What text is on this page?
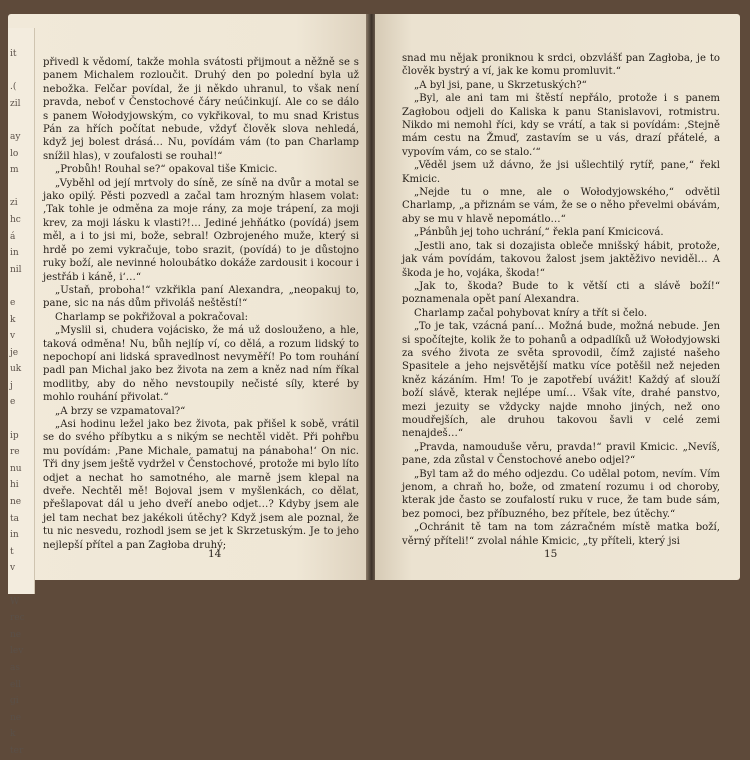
it

.(
zil

ay
lo
m

zi
hc
á
in
nil

e
k
v
je
uk
j
e

ip
re
nu
hi
ne
ta
in
t
v

W
rec
ne
lev
as
ell
gi
ne
k
ter

přivedl k vědomí, takže mohla svátosti přijmout a něžně se s panem Michalem rozloučit. Druhý den po polední byla už nebožka. Felčar povídal, že ji někdo uhranul, to však není pravda, neboť v Čenstochové čáry neúčinkují. Ale co se dálo s panem Wołodyjowským, co vykřikoval, to mu snad Kristus Pán za hřích počítat nebude, vždyť člověk slova nehledá, když jej bolest drásá… Nu, povídám vám (to pan Charlamp snížil hlas), v zoufalosti se rouhal!“

„Probůh! Rouhal se?“ opakoval tiše Kmicic.

„Vyběhl od její mrtvoly do síně, ze síně na dvůr a motal se jako opilý. Pěsti pozvedl a začal tam hrozným hlasem volat: ‚Tak tohle je odměna za moje rány, za moje trápení, za moji krev, za moji lásku k vlasti?!… Jediné jehňátko (povídá) jsem měl, a i to jsi mi, bože, sebral! Ozbrojeného muže, který si hrdě po zemi vykračuje, tobo srazit, (povídá) to je důstojno ruky boží, ale nevinné holoubátko dokáže zardousit i kocour i jestřáb i káně, i‘…“

„Ustaň, proboha!“ vzkřikla paní Alexandra, „neopakuj to, pane, sic na nás dům přivoláš neštěstí!“

Charlamp se pokřižoval a pokračoval:

„Myslil si, chudera vojácisko, že má už doslouženo, a hle, taková odměna! Nu, bůh nejlíp ví, co dělá, a rozum lidský to nepochopí ani lidská spravedlnost nevyměří! Po tom rouhání padl pan Michal jako bez života na zem a kněz nad ním říkal modlitby, aby do něho nevstoupily nečisté síly, které by mohlo rouhání přivolat.“

„A brzy se vzpamatoval?“

„Asi hodinu ležel jako bez života, pak přišel k sobě, vrátil se do svého příbytku a s nikým se nechtěl vidět. Při pohřbu mu povídám: ‚Pane Michale, pamatuj na pánaboha!‘ On nic. Tři dny jsem ještě vydržel v Čenstochové, protože mi bylo líto odjet a nechat ho samotného, ale marně jsem klepal na dveře. Nechtěl mě! Bojoval jsem v myšlenkách, co dělat, přešlapovat dál u jeho dveří anebo odjet…? Kdyby jsem ale jel tam nechat bez jakékoli útěchy? Když jsem ale poznal, že tu nic nesvedu, rozhodl jsem se jet k Skrzetuským. Je to jeho nejlepší přítel a pan Zagłoba druhý;

14

snad mu nějak proniknou k srdci, obzvlášť pan Zagłoba, je to člověk bystrý a ví, jak ke komu promluvit.“

„A byl jsi, pane, u Skrzetuských?“

„Byl, ale ani tam mi štěstí nepřálo, protože i s panem Zagłobou odjeli do Kaliska k panu Stanislavovi, rotmistru. Nikdo mi nemohl říci, kdy se vrátí, a tak si povídám: ‚Stejně mám cestu na Žmuď, zastavím se u vás, drazí přátelé, a vypovím vám, co se stalo.‘“

„Věděl jsem už dávno, že jsi ušlechtilý rytíř, pane,“ řekl Kmicic.

„Nejde tu o mne, ale o Wołodyjowského,“ odvětil Charlamp, „a přiznám se vám, že se o něho převelmi obávám, aby se mu v hlavě nepomátlo…“

„Pánbůh jej toho uchrání,“ řekla paní Kmicicová.

„Jestli ano, tak si dozajista obleče mnišský hábit, protože, jak vám povídám, takovou žalost jsem jaktěživo neviděl… A škoda je ho, vojáka, škoda!“

„Jak to, škoda? Bude to k větší cti a slávě boží!“ poznamenala opět paní Alexandra.

Charlamp začal pohybovat kníry a třít si čelo.

„To je tak, vzácná paní… Možná bude, možná nebude. Jen si spočítejte, kolik že to pohanů a odpadlíků už Wołodyjowski za svého života ze světa sprovodil, čímž zajisté našeho Spasitele a jeho nejsvětější matku více potěšil než nejeden kněz kázáním. Hm! To je zapotřebí uvážit! Každý ať slouží boží slávě, kterak nejlépe umí… Však víte, drahé panstvo, mezi jezuity se vždycky najde mnoho jiných, než ono moudřejších, ale druhou takovou šavli v celé zemi nenajdeš…“

„Pravda, namouduše věru, pravda!“ pravil Kmicic. „Nevíš, pane, zda zůstal v Čenstochové anebo odjel?“

„Byl tam až do mého odjezdu. Co udělal potom, nevím. Vím jenom, a chraň ho, bože, od zmatení rozumu i od choroby, kterak jde často se zoufalostí ruku v ruce, že tam bude sám, bez pomoci, bez příbuzného, bez přítele, bez útěchy.“

„Ochránit tě tam na tom zázračném místě matka boží, věrný příteli!“ zvolal náhle Kmicic, „ty příteli, který jsi

15
